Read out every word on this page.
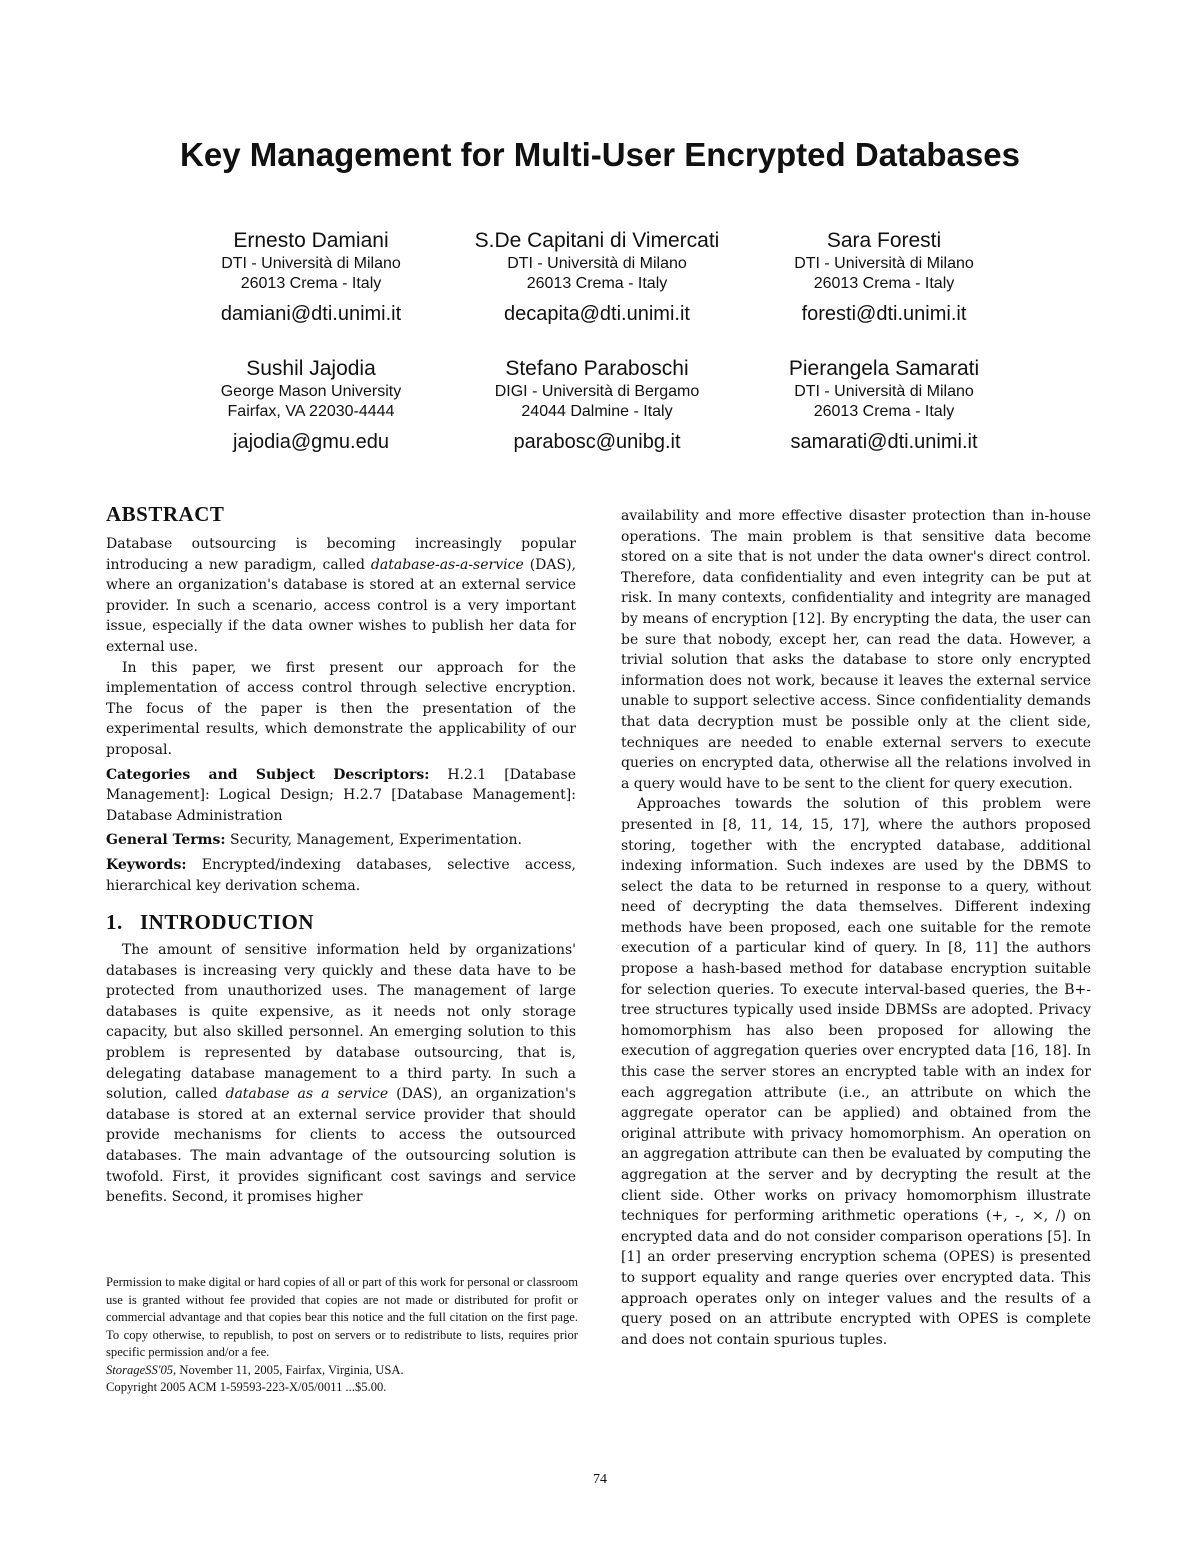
Key Management for Multi-User Encrypted Databases
Ernesto Damiani
DTI - Università di Milano
26013 Crema - Italy
damiani@dti.unimi.it
S.De Capitani di Vimercati
DTI - Università di Milano
26013 Crema - Italy
decapita@dti.unimi.it
Sara Foresti
DTI - Università di Milano
26013 Crema - Italy
foresti@dti.unimi.it
Sushil Jajodia
George Mason University
Fairfax, VA 22030-4444
jajodia@gmu.edu
Stefano Paraboschi
DIGI - Università di Bergamo
24044 Dalmine - Italy
parabosc@unibg.it
Pierangela Samarati
DTI - Università di Milano
26013 Crema - Italy
samarati@dti.unimi.it
ABSTRACT

Database outsourcing is becoming increasingly popular introducing a new paradigm, called database-as-a-service (DAS), where an organization's database is stored at an external service provider. In such a scenario, access control is a very important issue, especially if the data owner wishes to publish her data for external use.

In this paper, we first present our approach for the implementation of access control through selective encryption. The focus of the paper is then the presentation of the experimental results, which demonstrate the applicability of our proposal.

Categories and Subject Descriptors: H.2.1 [Database Management]: Logical Design; H.2.7 [Database Management]: Database Administration

General Terms: Security, Management, Experimentation.

Keywords: Encrypted/indexing databases, selective access, hierarchical key derivation schema.

1.   INTRODUCTION

The amount of sensitive information held by organizations' databases is increasing very quickly and these data have to be protected from unauthorized uses. The management of large databases is quite expensive, as it needs not only storage capacity, but also skilled personnel. An emerging solution to this problem is represented by database outsourcing, that is, delegating database management to a third party. In such a solution, called database as a service (DAS), an organization's database is stored at an external service provider that should provide mechanisms for clients to access the outsourced databases. The main advantage of the outsourcing solution is twofold. First, it provides significant cost savings and service benefits. Second, it promises higher

Permission to make digital or hard copies of all or part of this work for personal or classroom use is granted without fee provided that copies are not made or distributed for profit or commercial advantage and that copies bear this notice and the full citation on the first page. To copy otherwise, to republish, to post on servers or to redistribute to lists, requires prior specific permission and/or a fee.

StorageSS'05, November 11, 2005, Fairfax, Virginia, USA.

Copyright 2005 ACM 1-59593-223-X/05/0011 ...$5.00.

availability and more effective disaster protection than in-house operations. The main problem is that sensitive data become stored on a site that is not under the data owner's direct control. Therefore, data confidentiality and even integrity can be put at risk. In many contexts, confidentiality and integrity are managed by means of encryption [12]. By encrypting the data, the user can be sure that nobody, except her, can read the data. However, a trivial solution that asks the database to store only encrypted information does not work, because it leaves the external service unable to support selective access. Since confidentiality demands that data decryption must be possible only at the client side, techniques are needed to enable external servers to execute queries on encrypted data, otherwise all the relations involved in a query would have to be sent to the client for query execution.

Approaches towards the solution of this problem were presented in [8, 11, 14, 15, 17], where the authors proposed storing, together with the encrypted database, additional indexing information. Such indexes are used by the DBMS to select the data to be returned in response to a query, without need of decrypting the data themselves. Different indexing methods have been proposed, each one suitable for the remote execution of a particular kind of query. In [8, 11] the authors propose a hash-based method for database encryption suitable for selection queries. To execute interval-based queries, the B+-tree structures typically used inside DBMSs are adopted. Privacy homomorphism has also been proposed for allowing the execution of aggregation queries over encrypted data [16, 18]. In this case the server stores an encrypted table with an index for each aggregation attribute (i.e., an attribute on which the aggregate operator can be applied) and obtained from the original attribute with privacy homomorphism. An operation on an aggregation attribute can then be evaluated by computing the aggregation at the server and by decrypting the result at the client side. Other works on privacy homomorphism illustrate techniques for performing arithmetic operations (+, -, ×, /) on encrypted data and do not consider comparison operations [5]. In [1] an order preserving encryption schema (OPES) is presented to support equality and range queries over encrypted data. This approach operates only on integer values and the results of a query posed on an attribute encrypted with OPES is complete and does not contain spurious tuples.

74
